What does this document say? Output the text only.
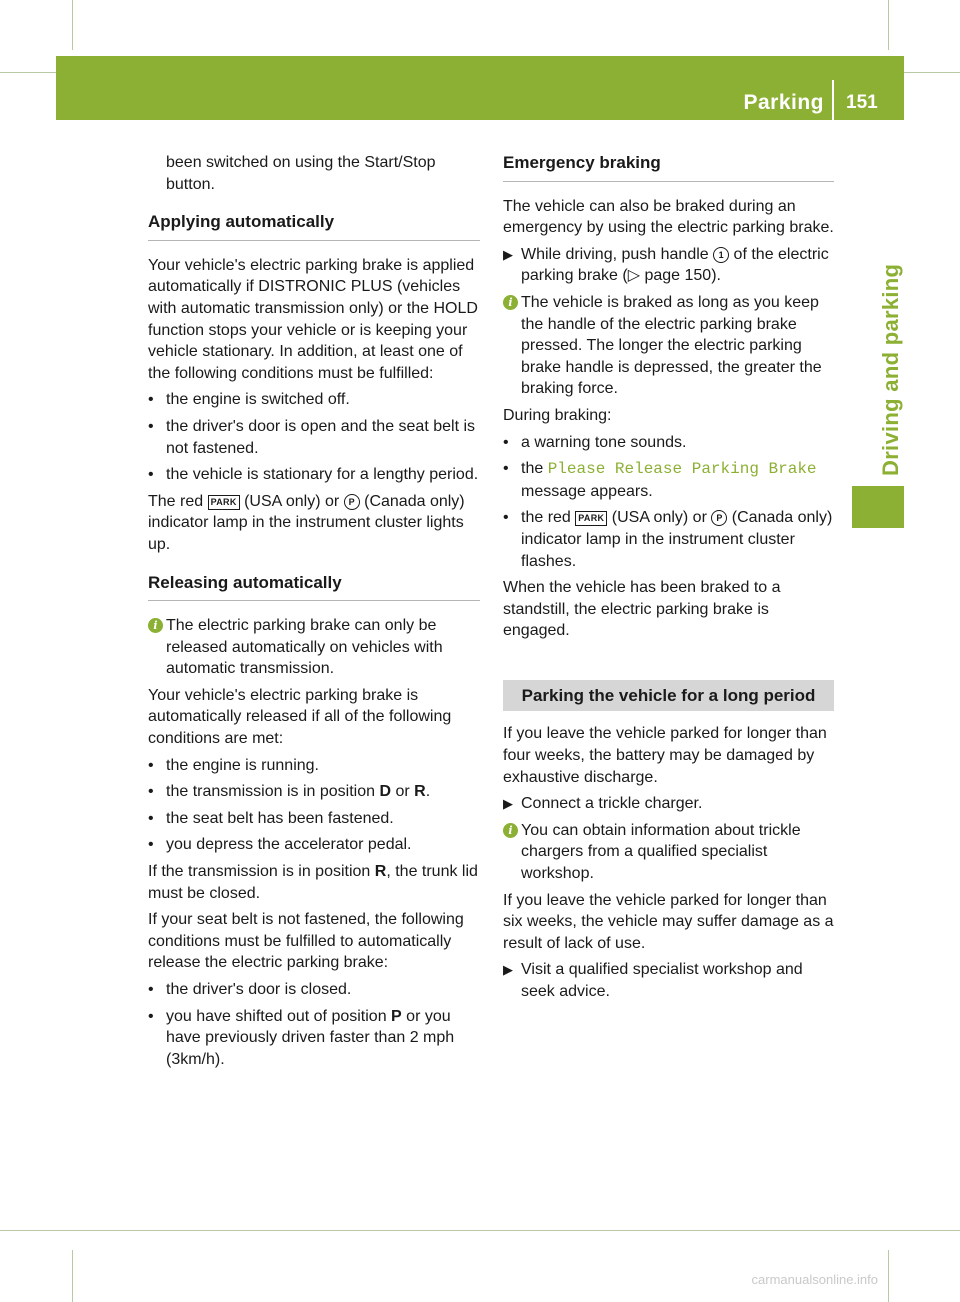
Parking 151
Driving and parking

been switched on using the Start/Stop button.

Applying automatically

Your vehicle's electric parking brake is applied automatically if DISTRONIC PLUS (vehicles with automatic transmission only) or the HOLD function stops your vehicle or is keeping your vehicle stationary. In addition, at least one of the following conditions must be fulfilled:

• the engine is switched off.
• the driver's door is open and the seat belt is not fastened.
• the vehicle is stationary for a lengthy period.

The red PARK (USA only) or P (Canada only) indicator lamp in the instrument cluster lights up.

Releasing automatically
i The electric parking brake can only be released automatically on vehicles with automatic transmission.

Your vehicle's electric parking brake is automatically released if all of the following conditions are met:

• the engine is running.
• the transmission is in position D or R.
• the seat belt has been fastened.
• you depress the accelerator pedal.

If the transmission is in position R, the trunk lid must be closed.

If your seat belt is not fastened, the following conditions must be fulfilled to automatically release the electric parking brake:

• the driver's door is closed.
• you have shifted out of position P or you have previously driven faster than 2 mph (3km/h).
Emergency braking

The vehicle can also be braked during an emergency by using the electric parking brake.

▶ While driving, push handle 1 of the electric parking brake (▷ page 150).
i The vehicle is braked as long as you keep the handle of the electric parking brake pressed. The longer the electric parking brake handle is depressed, the greater the braking force.

During braking:

• a warning tone sounds.
• the Please Release Parking Brake message appears.
• the red PARK (USA only) or P (Canada only) indicator lamp in the instrument cluster flashes.

When the vehicle has been braked to a standstill, the electric parking brake is engaged.

Parking the vehicle for a long period

If you leave the vehicle parked for longer than four weeks, the battery may be damaged by exhaustive discharge.

▶ Connect a trickle charger.
i You can obtain information about trickle chargers from a qualified specialist workshop.

If you leave the vehicle parked for longer than six weeks, the vehicle may suffer damage as a result of lack of use.

▶ Visit a qualified specialist workshop and seek advice.
carmanualsonline.info
